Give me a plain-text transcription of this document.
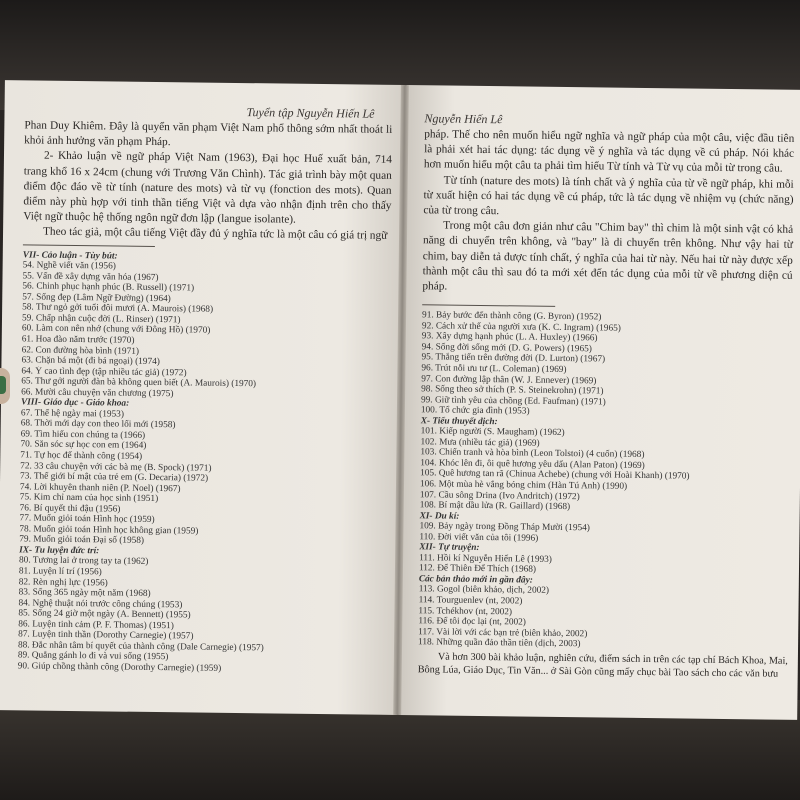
Tuyển tập Nguyễn Hiến Lê

Phan Duy Khiêm. Đây là quyển văn phạm Việt Nam phổ thông sớm nhất thoát li khỏi ảnh hưởng văn phạm Pháp.

2- Khảo luận về ngữ pháp Việt Nam (1963), Đại học Huế xuất bản, 714 trang khổ 16 x 24cm (chung với Trương Văn Chình). Tác giả trình bày một quan điểm độc đáo về từ tính (nature des mots) và từ vụ (fonction des mots). Quan điểm này phù hợp với tinh thần tiếng Việt và dựa vào nhận định trên cho thấy Việt ngữ thuộc hệ thống ngôn ngữ đơn lập (langue isolante).

Theo tác giả, một câu tiếng Việt đầy đủ ý nghĩa tức là một câu có giá trị ngữ

VII- Cảo luận - Tùy bút:
54. Nghề viết văn (1956)
55. Vấn đề xây dựng văn hóa (1967)
56. Chinh phục hạnh phúc (B. Russell) (1971)
57. Sống đẹp (Lâm Ngữ Đường) (1964)
58. Thư ngỏ gởi tuổi đôi mươi (A. Maurois) (1968)
59. Chấp nhận cuộc đời (L. Rinser) (1971)
60. Làm con nên nhớ (chung với Đông Hồ) (1970)
61. Hoa đào năm trước (1970)
62. Con đường hòa bình (1971)
63. Chặn bá một (đi bá ngoại) (1974)
64. Ý cao tình đẹp (tập nhiều tác giả) (1972)
65. Thư gởi người đàn bà không quen biết (A. Maurois) (1970)
66. Mười câu chuyện văn chương (1975)
VIII- Giáo dục - Giáo khoa:
67. Thế hệ ngày mai (1953)
68. Thời mới dạy con theo lối mới (1958)
69. Tìm hiểu con chúng ta (1966)
70. Săn sóc sự học con em (1964)
71. Tự học để thành công (1954)
72. 33 câu chuyện với các bà mẹ (B. Spock) (1971)
73. Thế giới bí mật của trẻ em (G. Decaria) (1972)
74. Lời khuyên thanh niên (P. Noel) (1967)
75. Kim chỉ nam của học sinh (1951)
76. Bí quyết thi đậu (1956)
77. Muốn giỏi toán Hình học (1959)
78. Muốn giỏi toán Hình học không gian (1959)
79. Muốn giỏi toán Đại số (1958)
IX- Tu luyện đức trí:
80. Tương lai ở trong tay ta (1962)
81. Luyện lí trí (1956)
82. Rèn nghị lực (1956)
83. Sống 365 ngày một năm (1968)
84. Nghệ thuật nói trước công chúng (1953)
85. Sống 24 giờ một ngày (A. Bennett) (1955)
86. Luyện tinh cảm (P. F. Thomas) (1951)
87. Luyện tinh thần (Dorothy Carnegie) (1957)
88. Đắc nhân tâm bí quyết của thành công (Dale Carnegie) (1957)
89. Quẳng gánh lo đi và vui sống (1955)
90. Giúp chồng thành công (Dorothy Carnegie) (1959)
Nguyễn Hiến Lê

pháp. Thế cho nên muốn hiểu ngữ nghĩa và ngữ pháp của một câu, việc đầu tiên là phải xét hai tác dụng: tác dụng về ý nghĩa và tác dụng về cú pháp. Nói khác hơn muốn hiểu một câu ta phải tìm hiểu Từ tính và Từ vụ của mỗi từ trong câu.

Từ tính (nature des mots) là tính chất và ý nghĩa của từ về ngữ pháp, khi mỗi từ xuất hiện có hai tác dụng về cú pháp, tức là tác dụng về nhiệm vụ (chức năng) của từ trong câu.

Trong một câu đơn giản như câu "Chim bay" thì chim là một sinh vật có khả năng di chuyển trên không, và "bay" là di chuyển trên không. Như vậy hai từ chim, bay diễn tả được tính chất, ý nghĩa của hai từ này. Nếu hai từ này được xếp thành một câu thì sau đó ta mới xét đến tác dụng của mỗi từ về phương diện cú pháp.

91. Bảy bước đến thành công (G. Byron) (1952)
92. Cách xử thế của người xưa (K. C. Ingram) (1965)
93. Xây dựng hạnh phúc (L. A. Huxley) (1966)
94. Sống đời sống mới (D. G. Powers) (1965)
95. Thắng tiến trên đường đời (D. Lurton) (1967)
96. Trút nỗi ưu tư (L. Coleman) (1969)
97. Con đường lập thân (W. J. Ennever) (1969)
98. Sống theo sở thích (P. S. Steinekrohn) (1971)
99. Giữ tình yêu của chồng (Ed. Faufman) (1971)
100. Tổ chức gia đình (1953)
X- Tiểu thuyết dịch:
101. Kiếp người (S. Maugham) (1962)
102. Mưa (nhiều tác giả) (1969)
103. Chiến tranh và hòa bình (Leon Tolstoi) (4 cuốn) (1968)
104. Khóc lên đi, ôi quê hương yêu dấu (Alan Paton) (1969)
105. Quê hương tan rã (Chinua Achebe) (chung với Hoài Khanh) (1970)
106. Một mùa hè vắng bóng chim (Hàn Tú Anh) (1990)
107. Cầu sông Drina (Ivo Andritch) (1972)
108. Bí mật dầu lửa (R. Gaillard) (1968)
XI- Du kí:
109. Bảy ngày trong Đồng Tháp Mười (1954)
110. Đời viết văn của tôi (1996)
XII- Tự truyện:
111. Hồi kí Nguyễn Hiến Lê (1993)
112. Để Thiên Để Thích (1968)
Các bản thảo mới in gần đây:
113. Gogol (biên khảo, dịch, 2002)
114. Tourguenlev (nt, 2002)
115. Tchékhov (nt, 2002)
116. Để tôi đọc lại (nt, 2002)
117. Vài lời với các bạn trẻ (biên khảo, 2002)
118. Những quần đảo thần tiên (dịch, 2003)

Và hơn 300 bài khảo luận, nghiên cứu, điểm sách in trên các tạp chí Bách Khoa, Mai, Bông Lúa, Giáo Dục, Tin Văn... ở Sài Gòn cũng mấy chục bài Tao sách cho các văn bưu
